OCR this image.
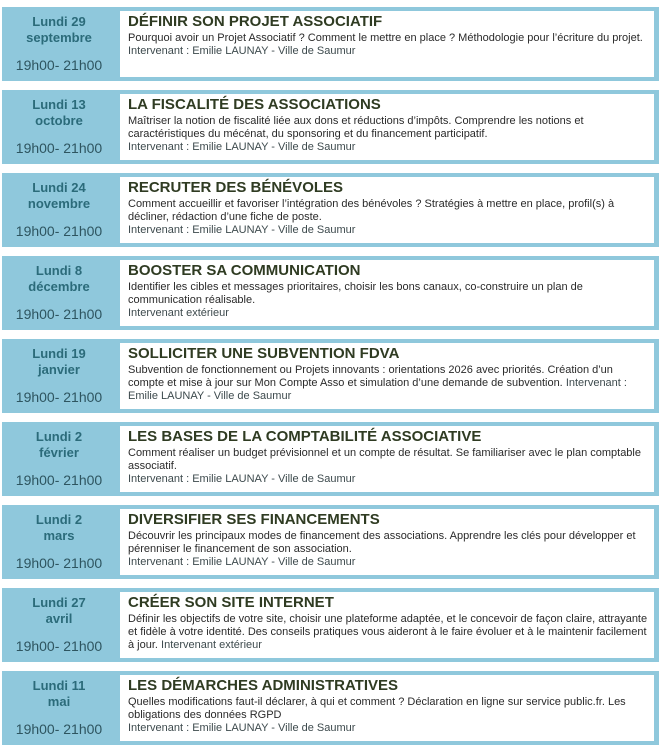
Lundi 29
septembre
19h00- 21h00
DÉFINIR SON PROJET ASSOCIATIF
Pourquoi avoir un Projet Associatif ? Comment le mettre en place ? Méthodologie pour l’écriture du projet.
Intervenant : Emilie LAUNAY - Ville de Saumur
Lundi 13
octobre
19h00- 21h00
LA FISCALITÉ DES ASSOCIATIONS
Maîtriser la notion de fiscalité liée aux dons et réductions d’impôts. Comprendre les notions et caractéristiques du mécénat, du sponsoring et du financement participatif.
Intervenant : Emilie LAUNAY - Ville de Saumur
Lundi 24
novembre
19h00- 21h00
RECRUTER DES BÉNÉVOLES
Comment accueillir et favoriser l’intégration des bénévoles ? Stratégies à mettre en place, profil(s) à décliner, rédaction d’une fiche de poste.
Intervenant : Emilie LAUNAY - Ville de Saumur
Lundi 8
décembre
19h00- 21h00
BOOSTER SA COMMUNICATION
Identifier les cibles et messages prioritaires, choisir les bons canaux, co-construire un plan de communication réalisable.
Intervenant extérieur
Lundi 19
janvier
19h00- 21h00
SOLLICITER UNE SUBVENTION FDVA
Subvention de fonctionnement ou Projets innovants : orientations 2026 avec priorités. Création d’un compte et mise à jour sur Mon Compte Asso et simulation d’une demande de subvention. Intervenant : Emilie LAUNAY - Ville de Saumur
Lundi 2
février
19h00- 21h00
LES BASES DE LA COMPTABILITÉ ASSOCIATIVE
Comment réaliser un budget prévisionnel et un compte de résultat. Se familiariser avec le plan comptable associatif.
Intervenant : Emilie LAUNAY - Ville de Saumur
Lundi 2
mars
19h00- 21h00
DIVERSIFIER SES FINANCEMENTS
Découvrir les principaux modes de financement des associations. Apprendre les clés pour développer et pérenniser le financement de son association.
Intervenant : Emilie LAUNAY - Ville de Saumur
Lundi 27
avril
19h00- 21h00
CRÉER SON SITE INTERNET
Définir les objectifs de votre site, choisir une plateforme adaptée, et le concevoir de façon claire, attrayante et fidèle à votre identité. Des conseils pratiques vous aideront à le faire évoluer et à le maintenir facilement à jour. Intervenant extérieur
Lundi 11
mai
19h00- 21h00
LES DÉMARCHES ADMINISTRATIVES
Quelles modifications faut-il déclarer, à qui et comment ? Déclaration en ligne sur service public.fr. Les obligations des données RGPD
Intervenant : Emilie LAUNAY - Ville de Saumur
